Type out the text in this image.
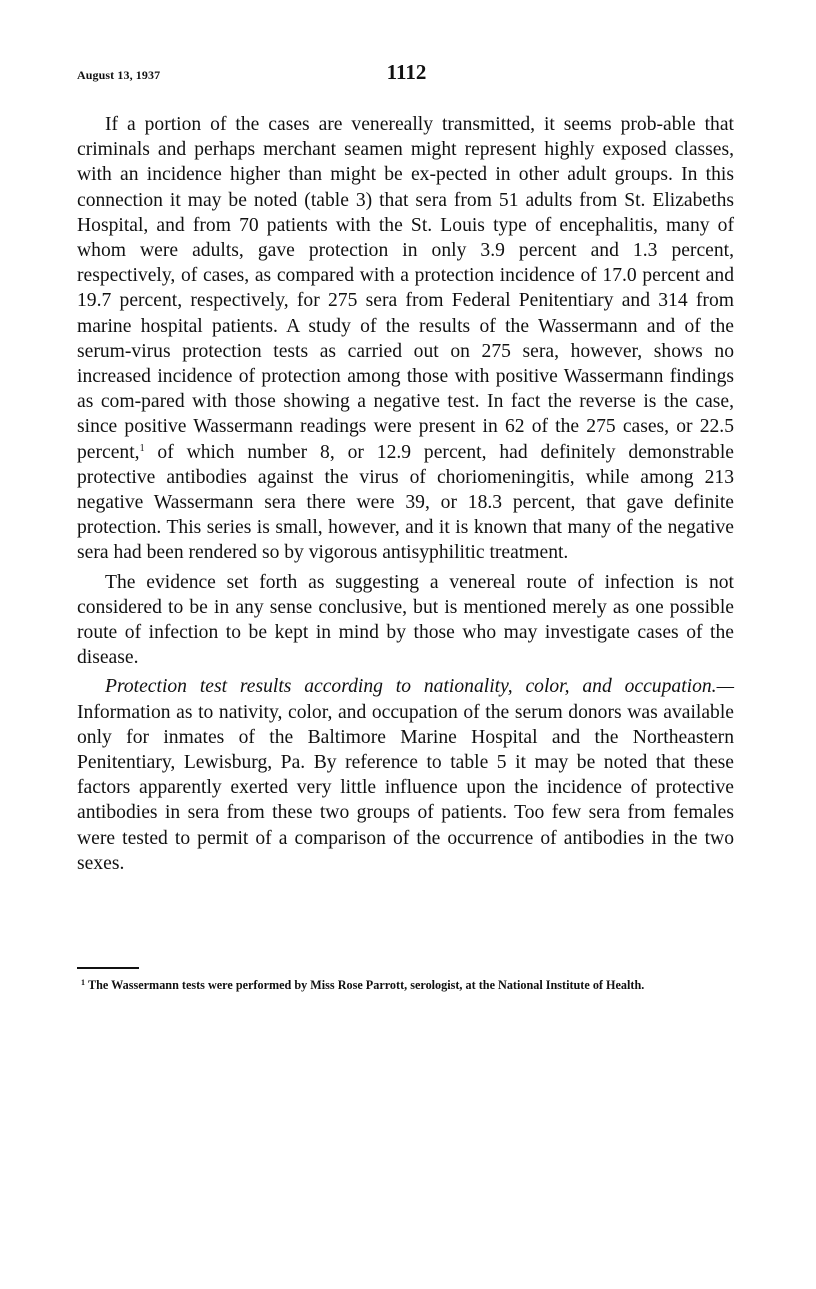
August 13, 1937	1112

If a portion of the cases are venereally transmitted, it seems prob-able that criminals and perhaps merchant seamen might represent highly exposed classes, with an incidence higher than might be ex-pected in other adult groups. In this connection it may be noted (table 3) that sera from 51 adults from St. Elizabeths Hospital, and from 70 patients with the St. Louis type of encephalitis, many of whom were adults, gave protection in only 3.9 percent and 1.3 percent, respectively, of cases, as compared with a protection incidence of 17.0 percent and 19.7 percent, respectively, for 275 sera from Federal Penitentiary and 314 from marine hospital patients. A study of the results of the Wassermann and of the serum-virus protection tests as carried out on 275 sera, however, shows no increased incidence of protection among those with positive Wassermann findings as com-pared with those showing a negative test. In fact the reverse is the case, since positive Wassermann readings were present in 62 of the 275 cases, or 22.5 percent,$^1$ of which number 8, or 12.9 percent, had definitely demonstrable protective antibodies against the virus of choriomeningitis, while among 213 negative Wassermann sera there were 39, or 18.3 percent, that gave definite protection. This series is small, however, and it is known that many of the negative sera had been rendered so by vigorous antisyphilitic treatment.

The evidence set forth as suggesting a venereal route of infection is not considered to be in any sense conclusive, but is mentioned merely as one possible route of infection to be kept in mind by those who may investigate cases of the disease.

Protection test results according to nationality, color, and occupation.— Information as to nativity, color, and occupation of the serum donors was available only for inmates of the Baltimore Marine Hospital and the Northeastern Penitentiary, Lewisburg, Pa. By reference to table 5 it may be noted that these factors apparently exerted very little influence upon the incidence of protective antibodies in sera from these two groups of patients. Too few sera from females were tested to permit of a comparison of the occurrence of antibodies in the two sexes.

$^1$ The Wassermann tests were performed by Miss Rose Parrott, serologist, at the National Institute of Health.
